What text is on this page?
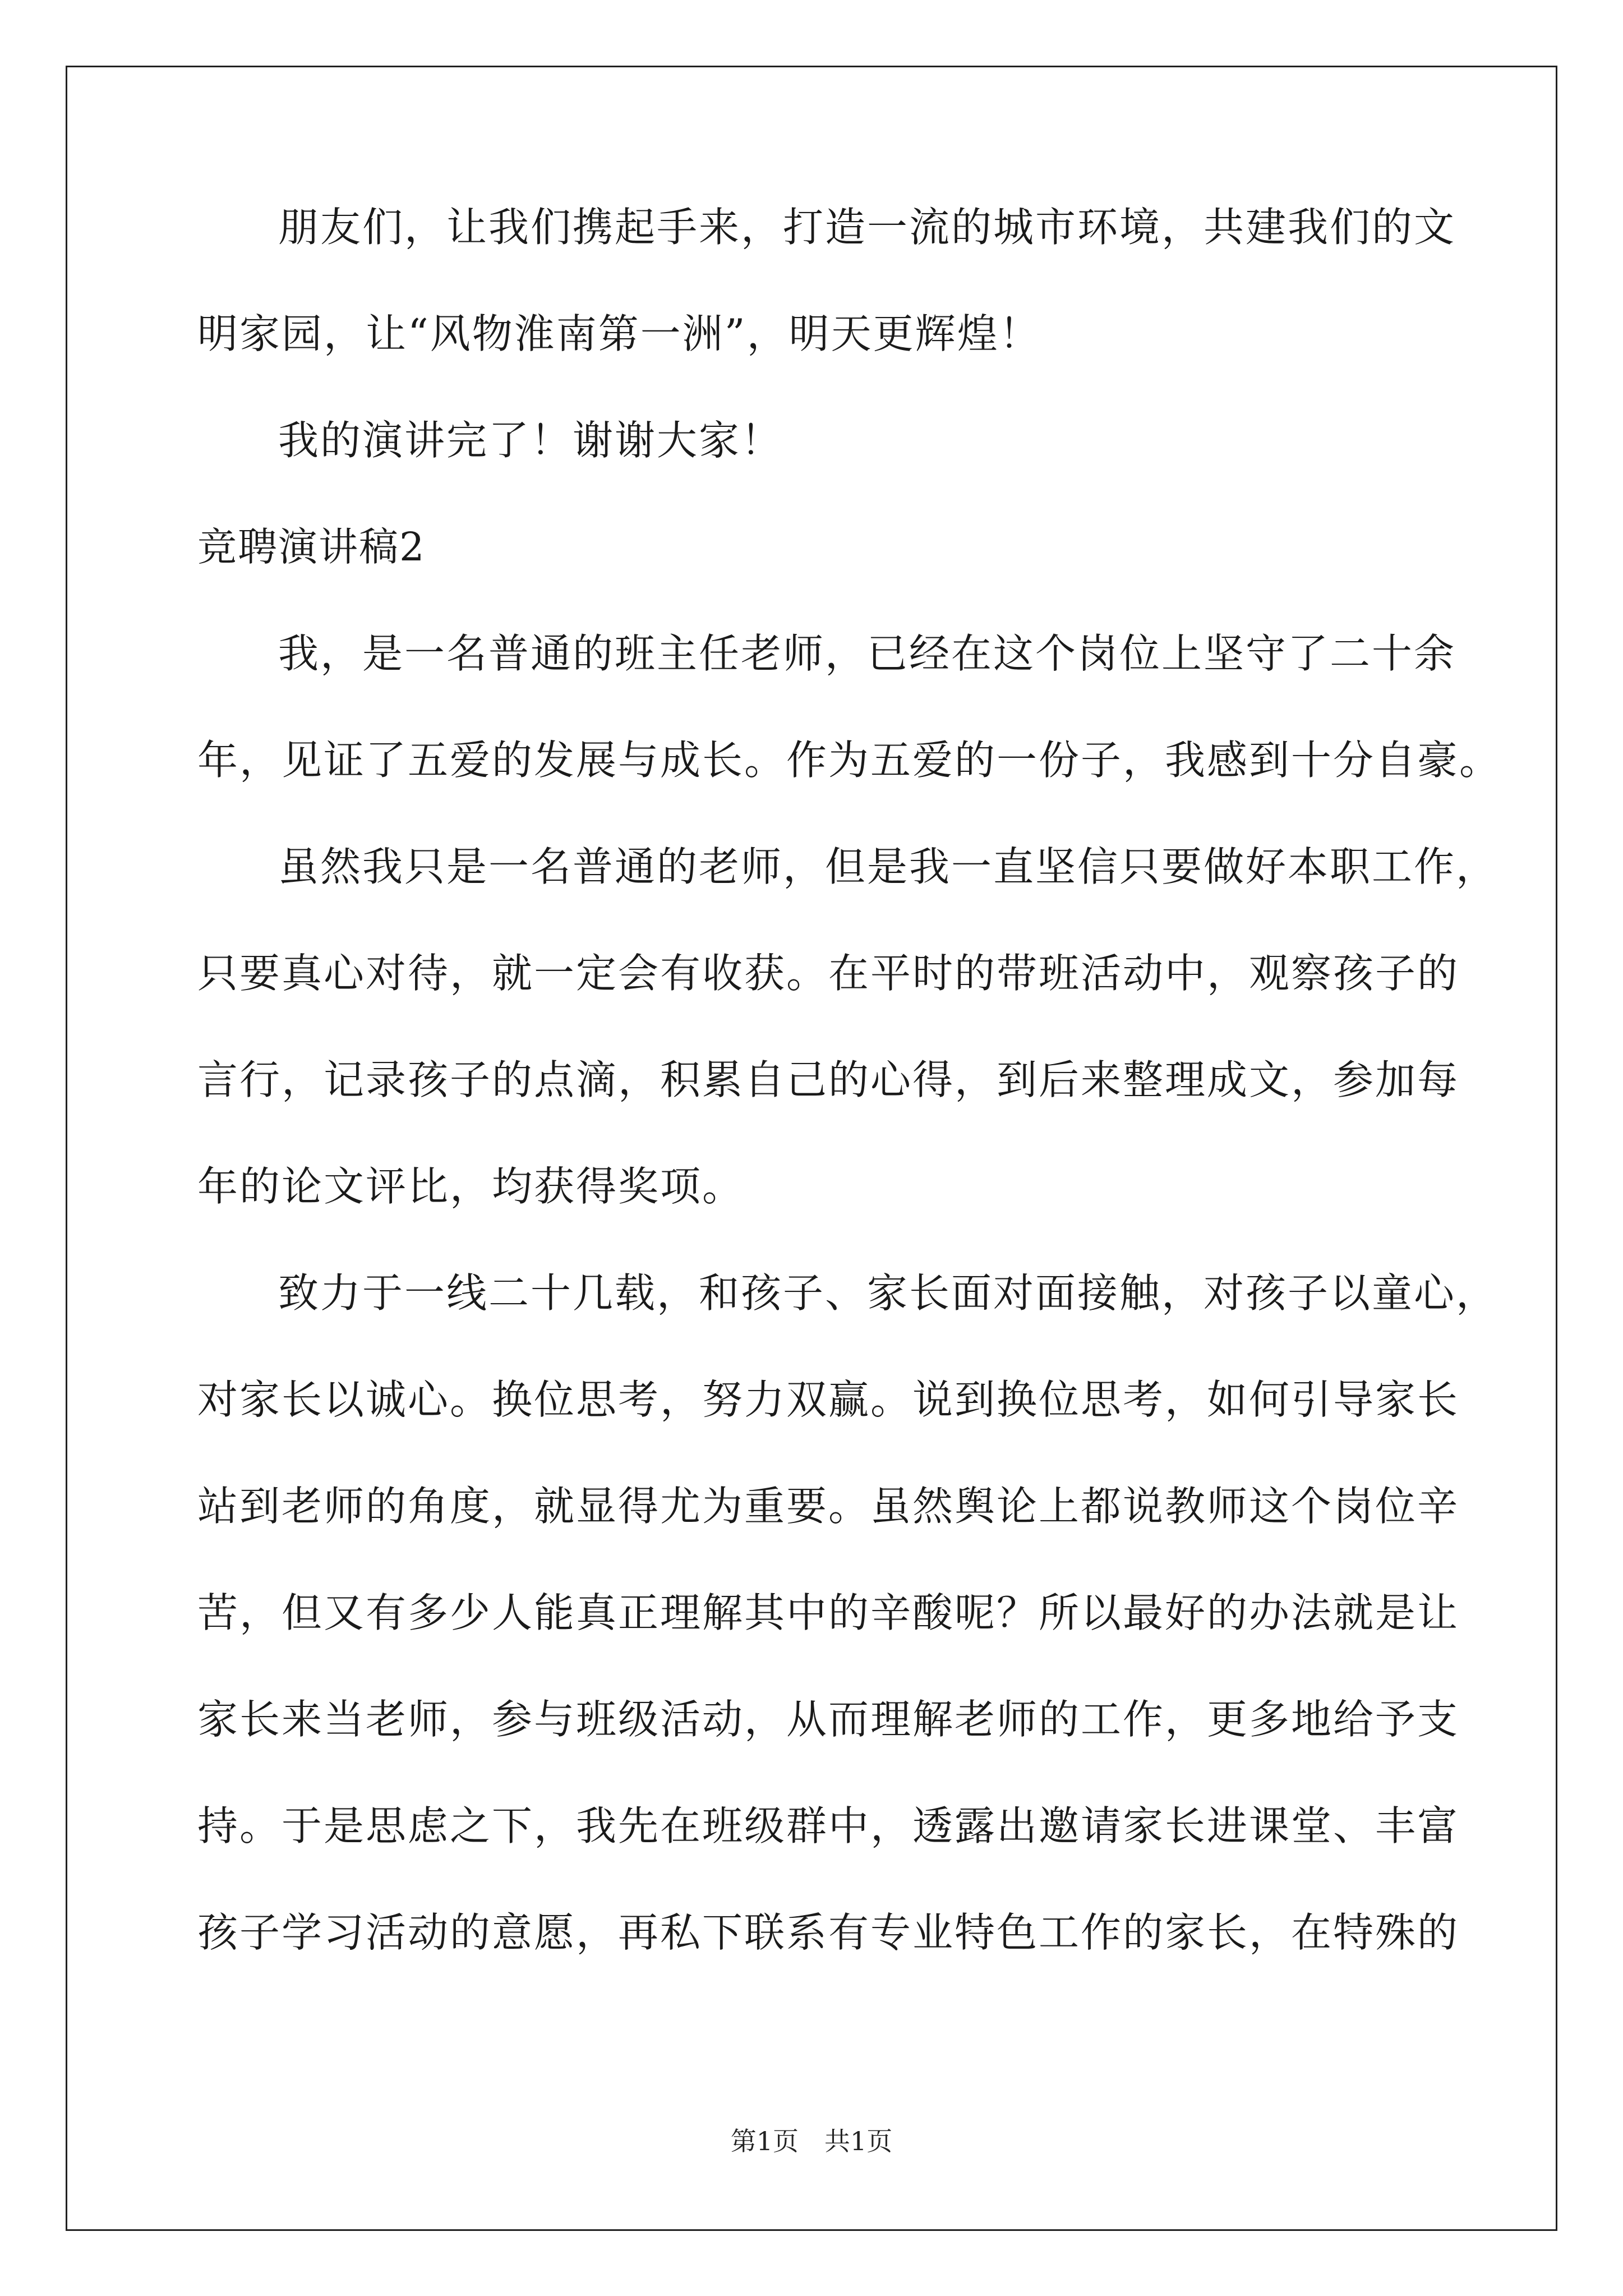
朋友们，让我们携起手来，打造一流的城市环境，共建我们的文
明家园，让“风物淮南第一洲”，明天更辉煌！
我的演讲完了！谢谢大家！
竞聘演讲稿2
我，是一名普通的班主任老师，已经在这个岗位上坚守了二十余
年，见证了五爱的发展与成长。作为五爱的一份子，我感到十分自豪。
虽然我只是一名普通的老师，但是我一直坚信只要做好本职工作，
只要真心对待，就一定会有收获。在平时的带班活动中，观察孩子的
言行，记录孩子的点滴，积累自己的心得，到后来整理成文，参加每
年的论文评比，均获得奖项。
致力于一线二十几载，和孩子、家长面对面接触，对孩子以童心，
对家长以诚心。换位思考，努力双赢。说到换位思考，如何引导家长
站到老师的角度，就显得尤为重要。虽然舆论上都说教师这个岗位辛
苦，但又有多少人能真正理解其中的辛酸呢？所以最好的办法就是让
家长来当老师，参与班级活动，从而理解老师的工作，更多地给予支
持。于是思虑之下，我先在班级群中，透露出邀请家长进课堂、丰富
孩子学习活动的意愿，再私下联系有专业特色工作的家长，在特殊的
第1页　共1页
